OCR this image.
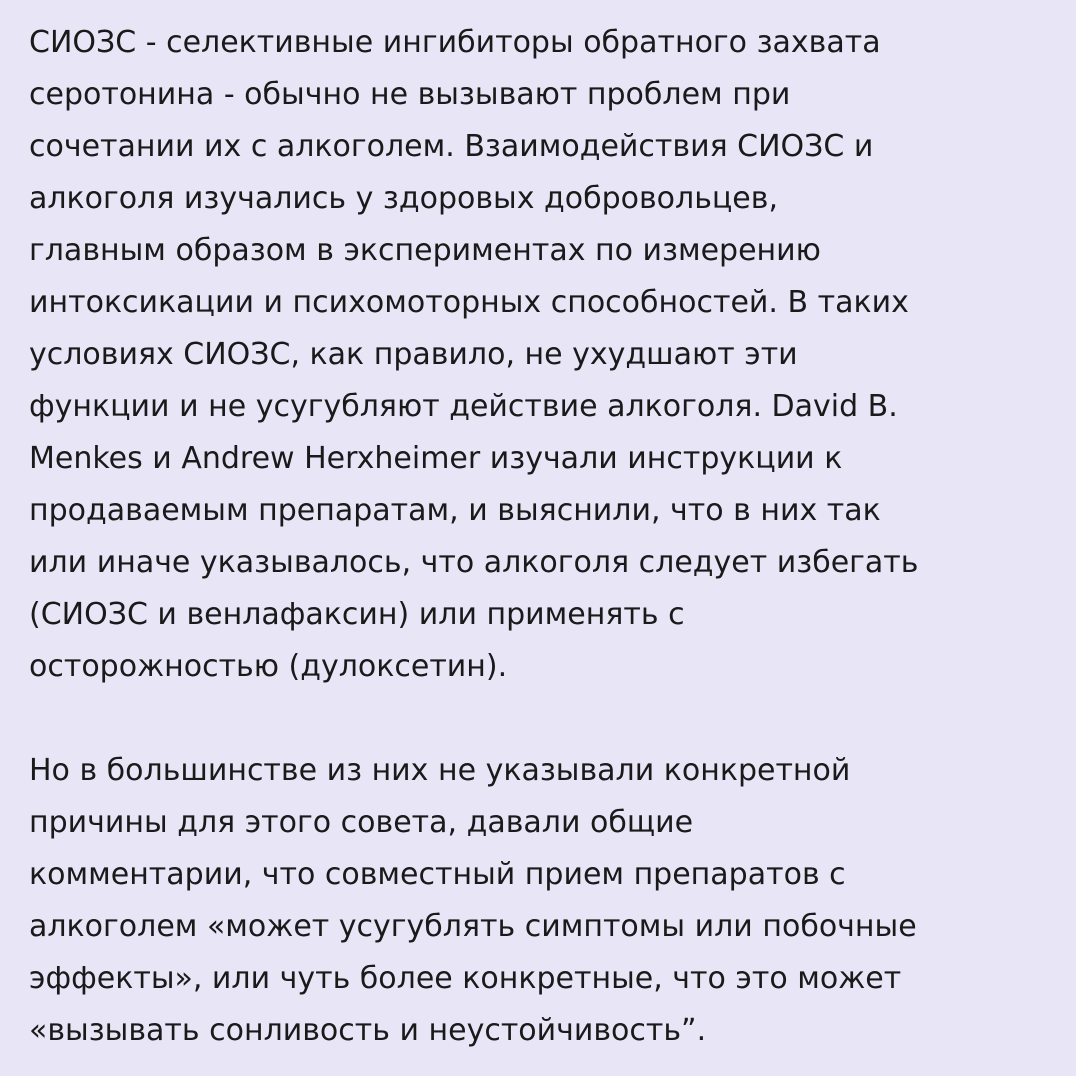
СИОЗС - селективные ингибиторы обратного захвата
серотонина - обычно не вызывают проблем при
сочетании их с алкоголем. Взаимодействия СИОЗС и
алкоголя изучались у здоровых добровольцев,
главным образом в экспериментах по измерению
интоксикации и психомоторных способностей. В таких
условиях СИОЗС, как правило, не ухудшают эти
функции и не усугубляют действие алкоголя. David B.
Menkes и Andrew Herxheimer изучали инструкции к
продаваемым препаратам, и выяснили, что в них так
или иначе указывалось, что алкоголя следует избегать
(СИОЗС и венлафаксин) или применять с
осторожностью (дулоксетин).
Но в большинстве из них не указывали конкретной
причины для этого совета, давали общие
комментарии, что совместный прием препаратов с
алкоголем «может усугублять симптомы или побочные
эффекты», или чуть более конкретные, что это может
«вызывать сонливость и неустойчивость”.
